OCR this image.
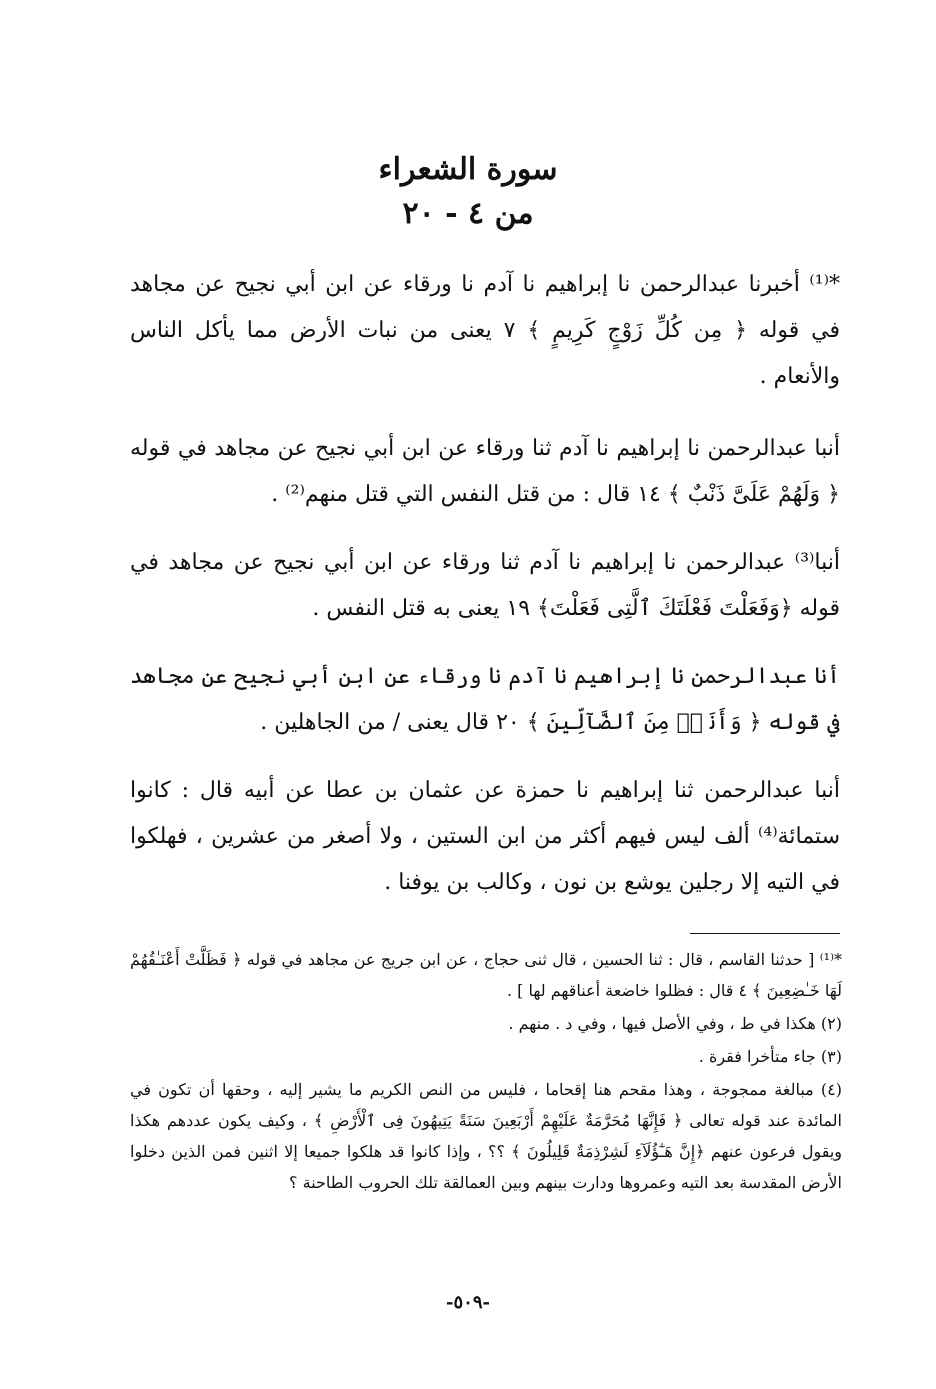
سورة الشعراء
من ٤ - ٢٠

*⁽¹⁾ أخبرنا عبدالرحمن نا إبراهيم نا آدم نا ورقاء عن ابن أبي نجيح عن مجاهد في قوله ﴿ مِن كُلِّ زَوْجٍ كَرِيمٍ ﴾ ٧ يعنى من نبات الأرض مما يأكل الناس والأنعام .

أنبا عبدالرحمن نا إبراهيم نا آدم ثنا ورقاء عن ابن أبي نجيح عن مجاهد في قوله ﴿ وَلَهُمْ عَلَىَّ ذَنْبٌ ﴾ ١٤ قال : من قتل النفس التي قتل منهم⁽²⁾ .

أنبا⁽³⁾ عبدالرحمن نا إبراهيم نا آدم ثنا ورقاء عن ابن أبي نجيح عن مجاهد في قوله ﴿وَفَعَلْتَ فَعْلَتَكَ ٱلَّتِى فَعَلْتَ﴾ ١٩ يعنى به قتل النفس .

أنا عبدالرحمن نا إبراهيم نا آدم نا ورقاء عن ابن أبي نجيح عن مجاهد في قوله ﴿ وَأَنَا۠ مِنَ ٱلضَّآلِّينَ ﴾ ٢٠ قال يعنى / من الجاهلين .

أنبا عبدالرحمن ثنا إبراهيم نا حمزة عن عثمان بن عطا عن أبيه قال : كانوا ستمائة⁽⁴⁾ ألف ليس فيهم أكثر من ابن الستين ، ولا أصغر من عشرين ، فهلكوا في التيه إلا رجلين يوشع بن نون ، وكالب بن يوفنا .

*⁽¹⁾ [ حدثنا القاسم ، قال : ثنا الحسين ، قال ثنى حجاج ، عن ابن جريج عن مجاهد في قوله ﴿ فَظَلَّتْ أَعْنَـٰقُهُمْ لَهَا خَـٰضِعِينَ ﴾ ٤ قال : فظلوا خاضعة أعناقهم لها ] .

(٢) هكذا في ط ، وفي الأصل فيها ، وفي د . منهم .

(٣) جاء متأخرا فقرة .

(٤) مبالغة ممجوجة ، وهذا مقحم هنا إقحاما ، فليس من النص الكريم ما يشير إليه ، وحقها أن تكون في المائدة عند قوله تعالى ﴿ فَإِنَّهَا مُحَرَّمَةٌ عَلَيْهِمْ أَرْبَعِينَ سَنَةً يَتِيهُونَ فِى ٱلْأَرْضِ ﴾ ، وكيف يكون عددهم هكذا ويقول فرعون عنهم ﴿إِنَّ هَـٰٓؤُلَآءِ لَشِرْذِمَةٌ قَلِيلُونَ ﴾ ؟؟ ، وإذا كانوا قد هلكوا جميعا إلا اثنين فمن الذين دخلوا الأرض المقدسة بعد التيه وعمروها ودارت بينهم وبين العمالقة تلك الحروب الطاحنة ؟

-٥٠٩-
